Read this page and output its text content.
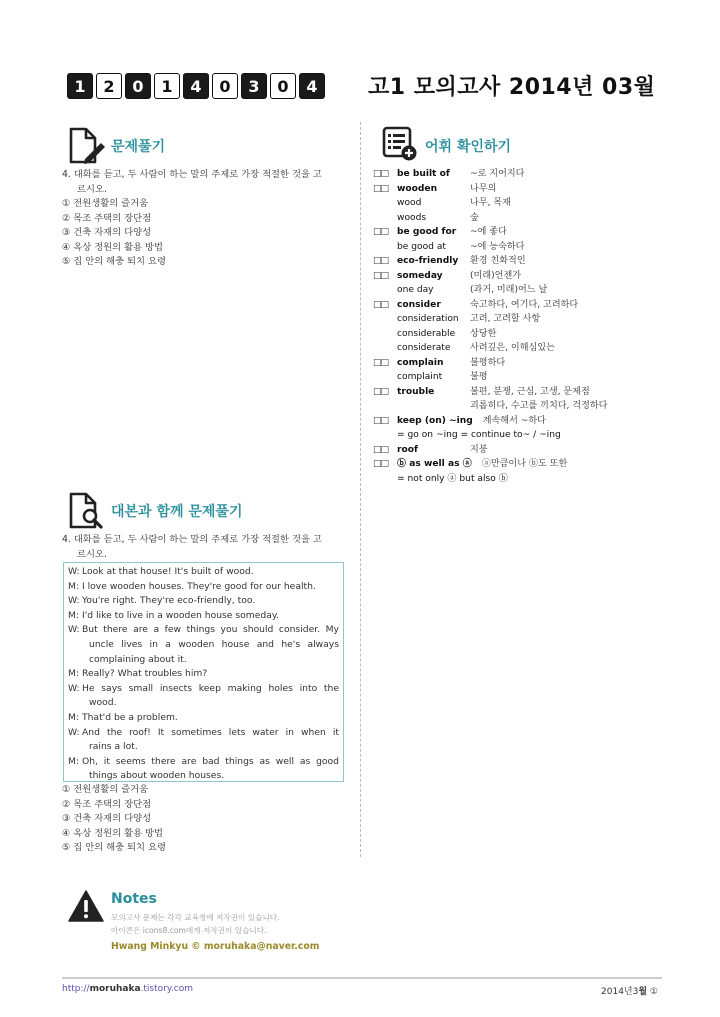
1	2	0	1	4	0	3	0	4	고1 모의고사 2014년 03월
문제풀기
4. 대화를 듣고, 두 사람이 하는 말의 주제로 가장 적절한 것을 고
르시오.
① 전원생활의 즐거움
② 목조 주택의 장단점
③ 건축 자재의 다양성
④ 옥상 정원의 활용 방법
⑤ 집 안의 해충 퇴치 요령
대본과 함께 문제풀기
4. 대화를 듣고, 두 사람이 하는 말의 주제로 가장 적절한 것을 고
르시오.
W: Look at that house! It's built of wood.
M: I love wooden houses. They're good for our health.
W: You're right. They're eco-friendly, too.
M: I'd like to live in a wooden house someday.
W: But there are a few things you should consider. My
uncle lives in a wooden house and he's always
complaining about it.
M: Really? What troubles him?
W: He says small insects keep making holes into the
wood.
M: That'd be a problem.
W: And the roof! It sometimes lets water in when it
rains a lot.
M: Oh, it seems there are bad things as well as good
things about wooden houses.
① 전원생활의 즐거움
② 목조 주택의 장단점
③ 건축 자재의 다양성
④ 옥상 정원의 활용 방법
⑤ 집 안의 해충 퇴치 요령
Notes
모의고사 문제는 각각 교육청에 저작권이 있습니다.
아이콘은 icons8.com에게 저작권이 있습니다.
Hwang Minkyu © moruhaka@naver.com
어휘 확인하기
□□ be built of	~로 지어지다
□□ wooden	나무의
wood	나무, 목재
woods	숲
□□ be good for	~에 좋다
be good at	~에 능숙하다
□□ eco-friendly	환경 친화적인
□□ someday	(미래)언젠가
one day	(과거, 미래)어느 날
□□ consider	숙고하다, 여기다, 고려하다
consideration	고려, 고려할 사항
considerable	상당한
considerate	사려깊은, 이해심있는
□□ complain	불평하다
complaint	불평
□□ trouble	불편, 분쟁, 근심, 고생, 문제점
괴롭히다, 수고를 끼치다, 걱정하다
□□ keep (on) ~ing 계속해서 ~하다
= go on ~ing = continue to~ / ~ing
□□ roof	지붕
□□ ⓑ as well as ⓐ ⓐ만큼이나 ⓑ도 또한
= not only ⓐ but also ⓑ
http://moruhaka.tistory.com	2014년3월 ①
